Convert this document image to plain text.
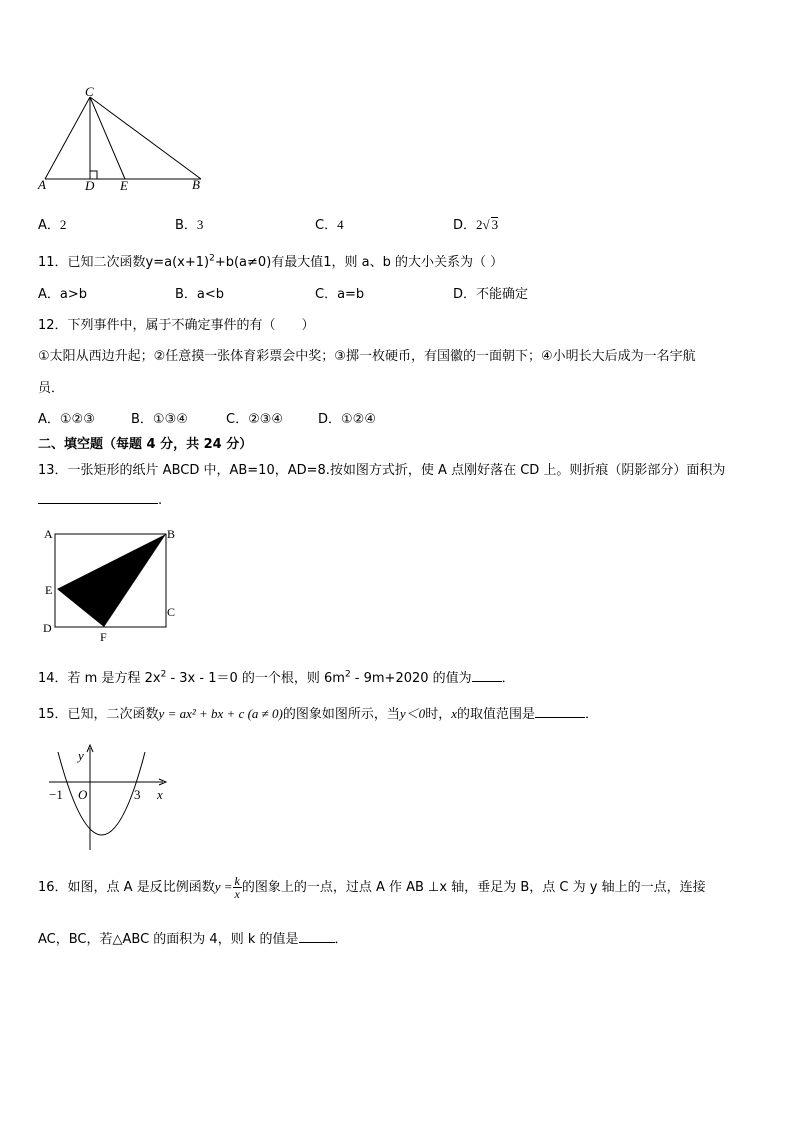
C
A	D E	B
A．2	B．3	C．4	D．2√ 3
11．已知二次函数$y=a(x+1)^2+b(a\ne 0)$有最大值1，则 a、b 的大小关系为（ ）
A．a>b	B．a<b	C．a=b	D．不能确定
12．下列事件中，属于不确定事件的有（　　）
①太阳从西边升起；②任意摸一张体育彩票会中奖；③掷一枚硬币，有国徽的一面朝下；④小明长大后成为一名宇航
员．
A．①②③	B．①③④	C．②③④	D．①②④
二、填空题（每题 4 分，共 24 分）
13．一张矩形的纸片 ABCD 中，AB=10，AD=8.按如图方式折，使 A 点刚好落在 CD 上。则折痕（阴影部分）面积为
.
A	B
C
D
E
F
14．若 m 是方程 $2x^2 - 3x - 1=0$ 的一个根，则 $6m^2 - 9m+2020$ 的值为 ．
15．已知，二次函数y = ax² + bx + c (a ≠ 0)的图象如图所示，当y＜0时，x的取值范围是	．
y
x
O
−1	3
16．如图，点 A 是反比例函数$y = \frac{k}{x}$ 的图象上的一点，过点 A 作 AB ⊥x 轴，垂足为 B，点 C 为 y 轴上的一点，连接
AC，BC，若△ABC 的面积为 4，则 k 的值是	．
